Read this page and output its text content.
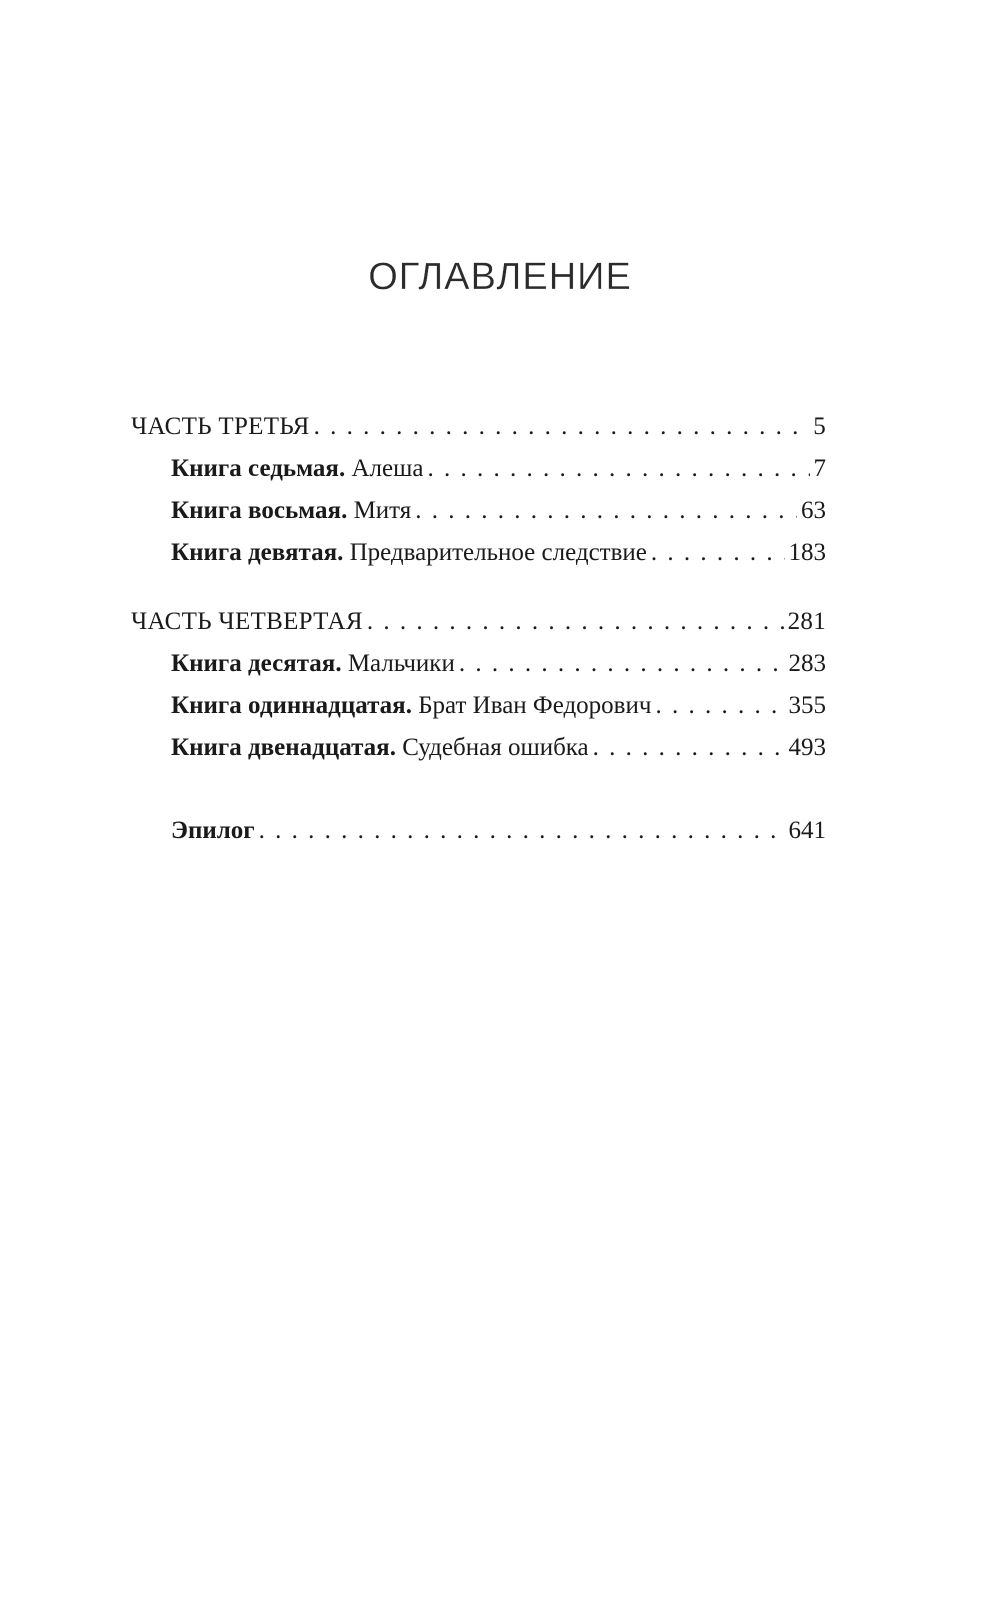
ОГЛАВЛЕНИЕ
ЧАСТЬ ТРЕТЬЯ . . .	5
Книга седьмая. Алеша . . .	7
Книга восьмая. Митя . . .	63
Книга девятая. Предварительное следствие . . .	183
ЧАСТЬ ЧЕТВЕРТАЯ . . .	281
Книга десятая. Мальчики . . .	283
Книга одиннадцатая. Брат Иван Федорович . . .	355
Книга двенадцатая. Судебная ошибка . . .	493
Эпилог . . .	641
